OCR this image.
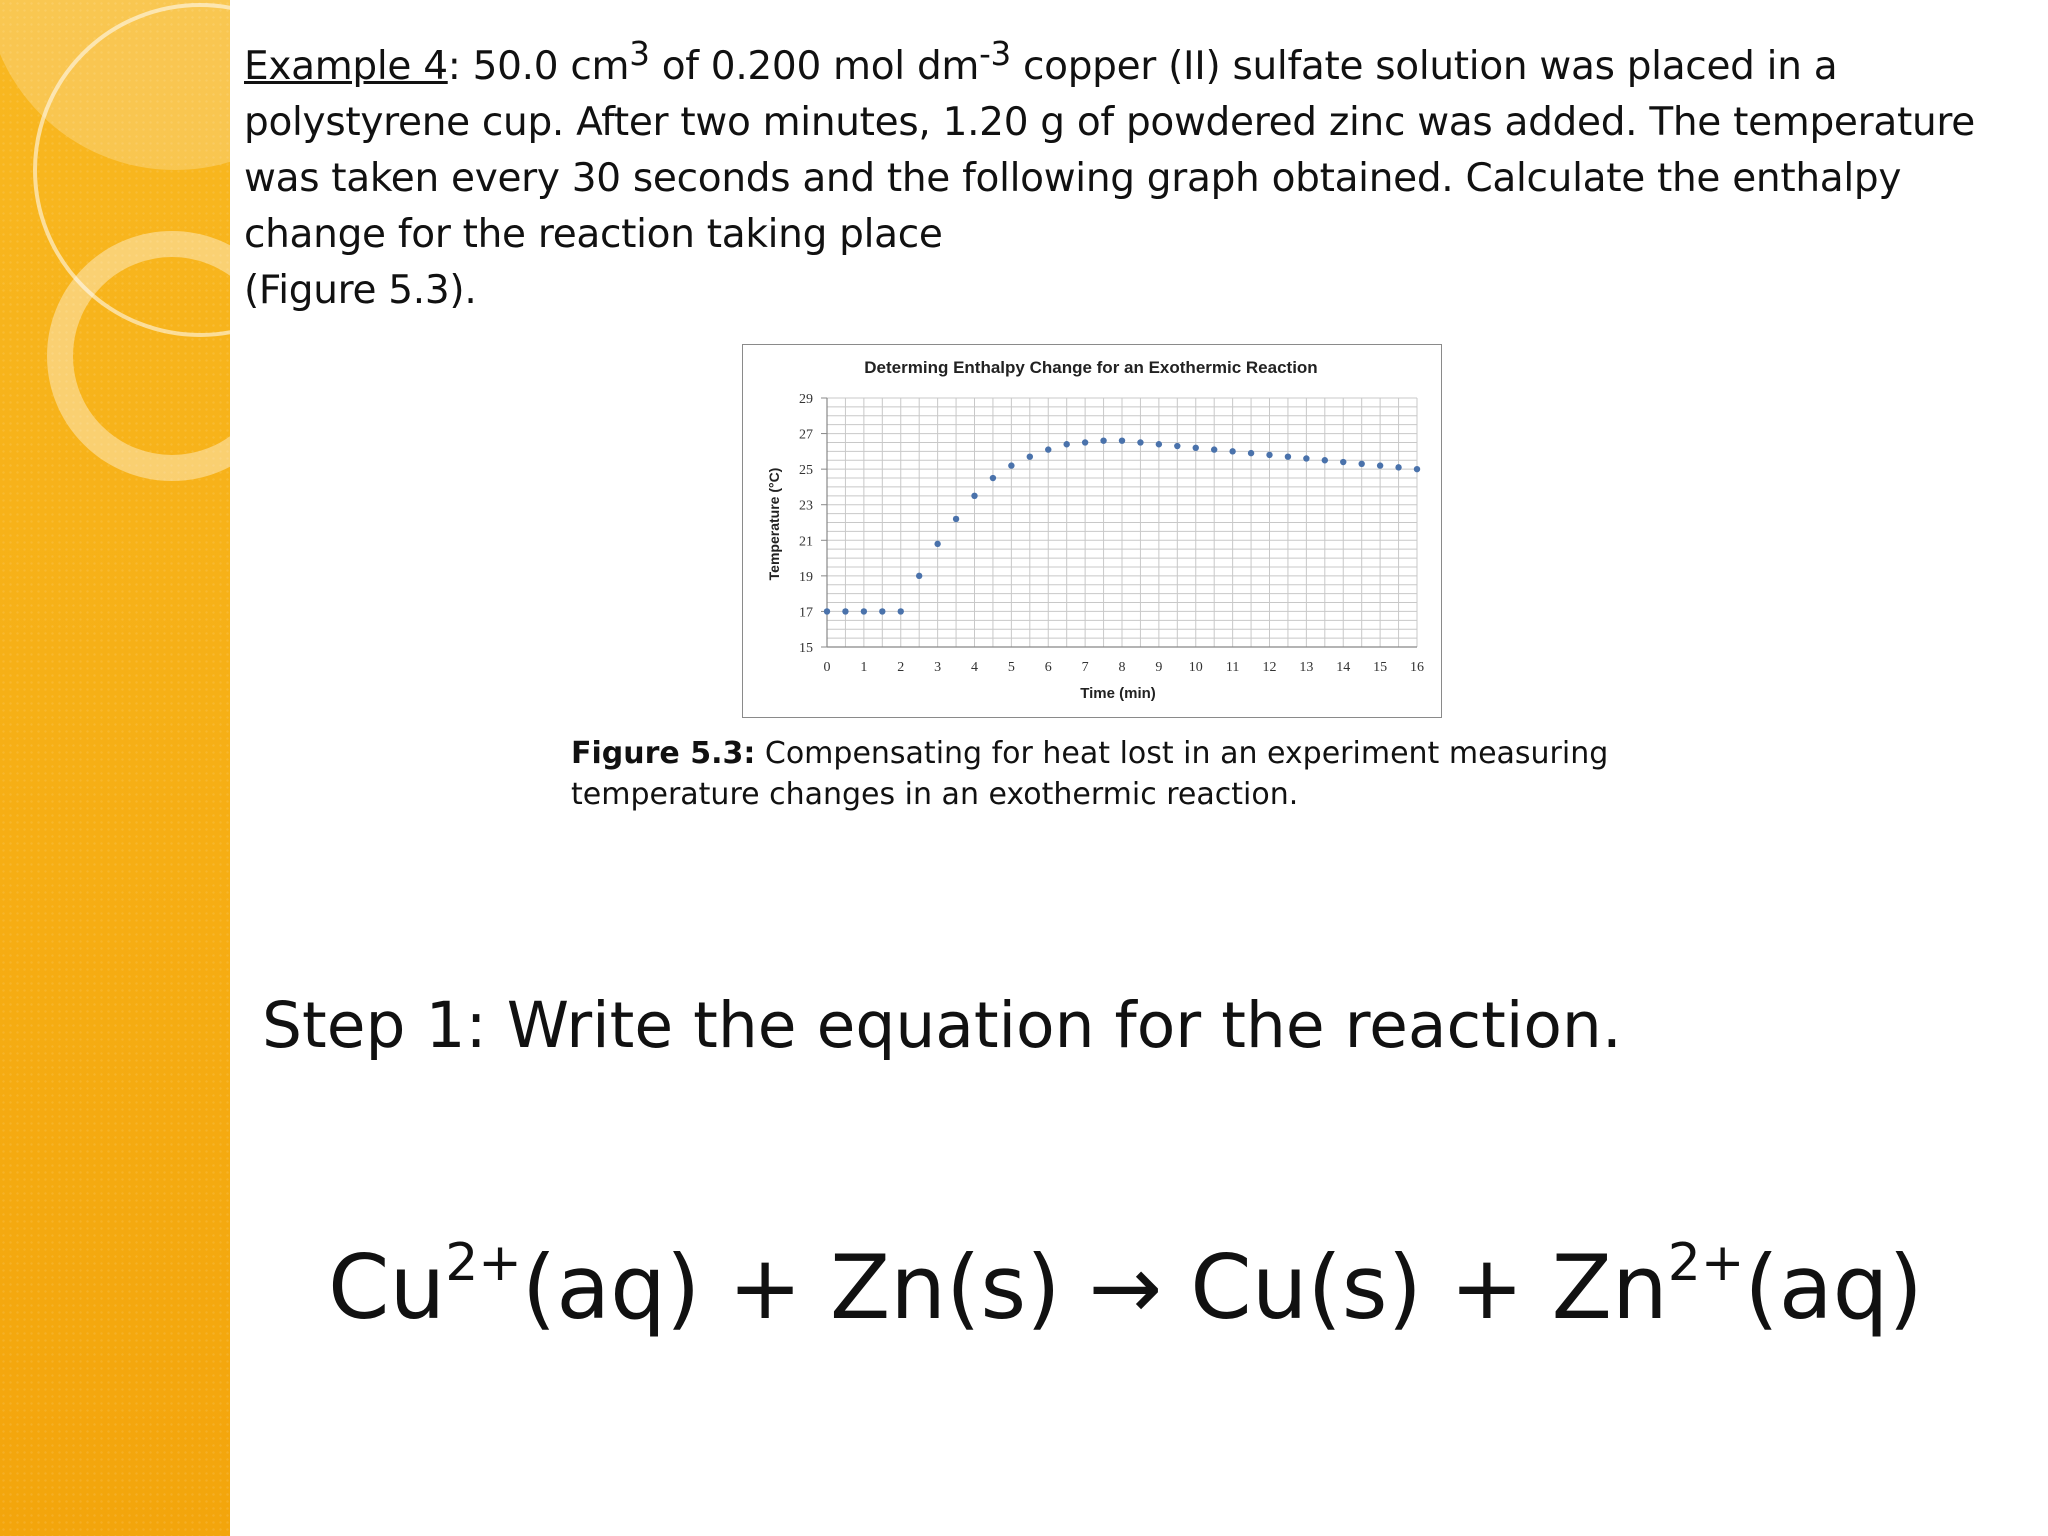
Example 4: 50.0 $cm^3$ of 0.200 mol $dm^{-3}$ copper (II) sulfate solution was placed in a polystyrene cup. After two minutes, 1.20 g of powdered zinc was added. The temperature was taken every 30 seconds and the following graph obtained. Calculate the enthalpy change for the reaction taking place

(Figure 5.3).

Determing Enthalpy Change for an Exothermic Reaction
15
17
19
21
23
25
27
29
0 1 2 3 4 5 6 7 8 9 10 11 12 13 14 15 16
Time (min)
Temperature (°C)
Figure 5.3: Compensating for heat lost in an experiment measuring temperature changes in an exothermic reaction.
Step 1: Write the equation for the reaction.
$Cu^{2+}(aq) + Zn(s) \to Cu(s) + Zn^{2+}(aq)$
